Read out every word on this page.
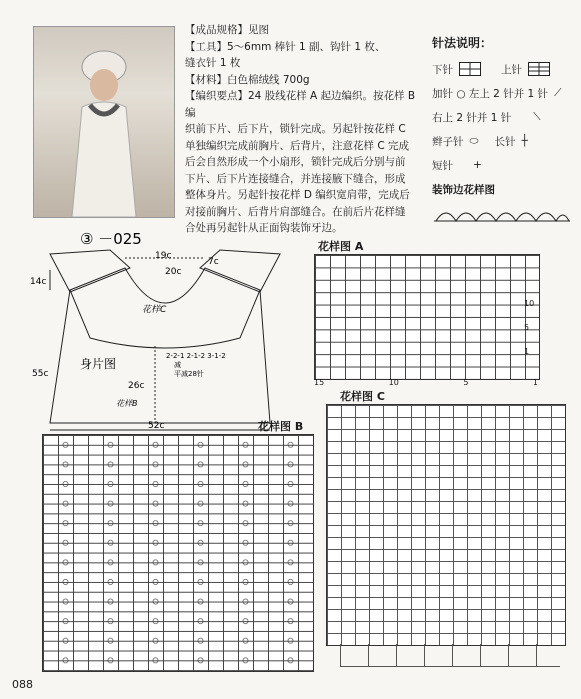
【成品规格】见图
【工具】5～6mm 棒针 1 副、钩针 1 枚、
缝衣针 1 枚
【材料】白色棉绒线 700g
【编织要点】24 股线花样 A 起边编织。按花样 B 编
织前下片、后下片，锁针完成。另起针按花样 C
单独编织完成前胸片、后背片，注意花样 C 完成
后会自然形成一个小扇形，锁针完成后分别与前
下片、后下片连接缝合，并连接腋下缝合，形成
整体身片。另起针按花样 D 编织宽肩带，完成后
对接前胸片、后背片肩部缝合。在前后片花样缝
合处再另起针从正面钩装饰牙边。
针法说明：
下针	上针
加针 ○ 左上 2 针并 1 针 ⟋
右上 2 针并 1 针 ⟍
辫子针 ⬭ 长针 ┼
短针 +
装饰边花样图
③ －025
19c
20c
7c
14c
55c
花样C
身片图
2-2-1 2-1-2 3-1-2
减
平减28针
26c
花样B
52c
花样图 A
15	10	5	1
10
5
1
花样图 C
花样图 B
088
